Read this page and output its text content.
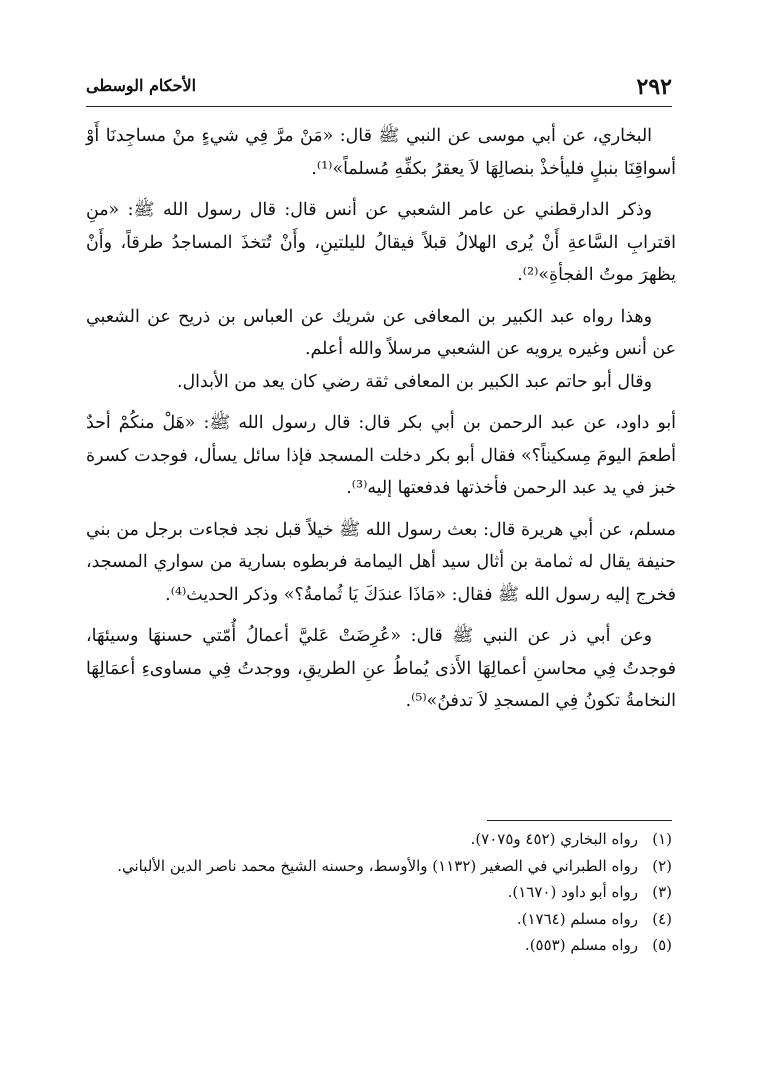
٢٩٢
الأحكام الوسطى

البخاري، عن أبي موسى عن النبي ﷺ قال: «مَنْ مرَّ فِي شيءٍ منْ مساجِدنَا أَوْ أسواقِنَا بنبلٍ فليأخذْ بنصالِهَا لاَ يعقرُ بكفِّهِ مُسلماً»⁽¹⁾.

وذكر الدارقطني عن عامر الشعبي عن أنس قال: قال رسول الله ﷺ: «منِ اقترابِ السَّاعةِ أَنْ يُرى الهلالُ قبلاً فيقالُ لليلتينِ، وأَنْ تُتخذَ المساجدُ طرقاً، وأَنْ يظهرَ موتُ الفجأةِ»⁽²⁾.

وهذا رواه عبد الكبير بن المعافى عن شريك عن العباس بن ذريح عن الشعبي عن أنس وغيره يرويه عن الشعبي مرسلاً والله أعلم.

وقال أبو حاتم عبد الكبير بن المعافى ثقة رضي كان يعد من الأبدال.

أبو داود، عن عبد الرحمن بن أبي بكر قال: قال رسول الله ﷺ: «هَلْ منكُمْ أحدٌ أطعمَ اليومَ مِسكيناً؟» فقال أبو بكر دخلت المسجد فإذا سائل يسأل، فوجدت كسرة خبز في يد عبد الرحمن فأخذتها فدفعتها إليه⁽³⁾.

مسلم، عن أبي هريرة قال: بعث رسول الله ﷺ خيلاً قبل نجد فجاءت برجل من بني حنيفة يقال له ثمامة بن أثال سيد أهل اليمامة فربطوه بسارية من سواري المسجد، فخرج إليه رسول الله ﷺ فقال: «مَاذَا عندَكَ يَا ثُمامةُ؟» وذكر الحديث⁽⁴⁾.

وعن أبي ذر عن النبي ﷺ قال: «عُرِضَتْ عَليَّ أعمالُ أُمّتي حسنهَا وسيئهَا، فوجدتُ فِي محاسنِ أعمالِهَا الأَذى يُماطُ عنِ الطريقِ، ووجدتُ فِي مساوىءِ أعمَالِهَا النخامةُ تكونُ فِي المسجدِ لاَ تدفنُ»⁽⁵⁾.

(١)
رواه البخاري (٤٥٢ و٧٠٧٥).

(٢)
رواه الطبراني في الصغير (١١٣٢) والأوسط، وحسنه الشيخ محمد ناصر الدين الألباني.

(٣)
رواه أبو داود (١٦٧٠).

(٤)
رواه مسلم (١٧٦٤).

(٥)
رواه مسلم (٥٥٣).
